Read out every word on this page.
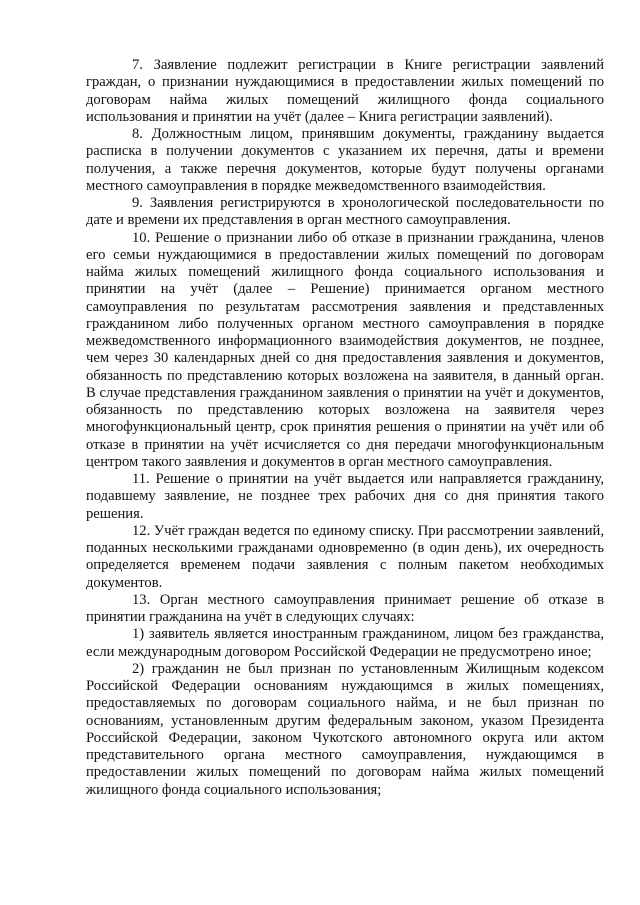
7. Заявление подлежит регистрации в Книге регистрации заявлений граждан, о признании нуждающимися в предоставлении жилых помещений по договорам найма жилых помещений жилищного фонда социального использования и принятии на учёт (далее – Книга регистрации заявлений).

8. Должностным лицом, принявшим документы, гражданину выдается расписка в получении документов с указанием их перечня, даты и времени получения, а также перечня документов, которые будут получены органами местного самоуправления в порядке межведомственного взаимодействия.

9. Заявления регистрируются в хронологической последовательности по дате и времени их представления в орган местного самоуправления.

10. Решение о признании либо об отказе в признании гражданина, членов его семьи нуждающимися в предоставлении жилых помещений по договорам найма жилых помещений жилищного фонда социального использования и принятии на учёт (далее – Решение) принимается органом местного самоуправления по результатам рассмотрения заявления и представленных гражданином либо полученных органом местного самоуправления в порядке межведомственного информационного взаимодействия документов, не позднее, чем через 30 календарных дней со дня предоставления заявления и документов, обязанность по представлению которых возложена на заявителя, в данный орган. В случае представления гражданином заявления о принятии на учёт и документов, обязанность по представлению которых возложена на заявителя через многофункциональный центр, срок принятия решения о принятии на учёт или об отказе в принятии на учёт исчисляется со дня передачи многофункциональным центром такого заявления и документов в орган местного самоуправления.

11. Решение о принятии на учёт выдается или направляется гражданину, подавшему заявление, не позднее трех рабочих дня со дня принятия такого решения.

12. Учёт граждан ведется по единому списку. При рассмотрении заявлений, поданных несколькими гражданами одновременно (в один день), их очередность определяется временем подачи заявления с полным пакетом необходимых документов.

13. Орган местного самоуправления принимает решение об отказе в принятии гражданина на учёт в следующих случаях:

1) заявитель является иностранным гражданином, лицом без гражданства, если международным договором Российской Федерации не предусмотрено иное;

2) гражданин не был признан по установленным Жилищным кодексом Российской Федерации основаниям нуждающимся в жилых помещениях, предоставляемых по договорам социального найма, и не был признан по основаниям, установленным другим федеральным законом, указом Президента Российской Федерации, законом Чукотского автономного округа или актом представительного органа местного самоуправления, нуждающимся в предоставлении жилых помещений по договорам найма жилых помещений жилищного фонда социального использования;
